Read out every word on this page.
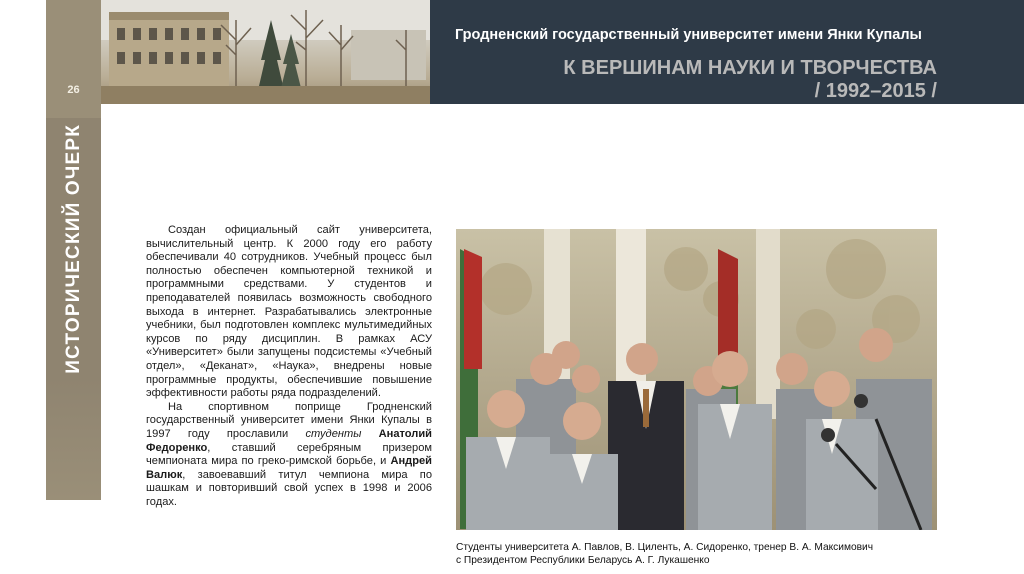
26
ИСТОРИЧЕСКИЙ ОЧЕРК
Гродненский государственный университет имени Янки Купалы
К ВЕРШИНАМ НАУКИ И ТВОРЧЕСТВА
/ 1992–2015 /

Создан официальный сайт университета, вычислительный центр. К 2000 году его работу обеспечивали 40 сотрудников. Учебный процесс был полностью обеспечен компьютерной техникой и программными средствами. У студентов и преподавателей появилась возможность свободного выхода в интернет. Разрабатывались электронные учебники, был подготовлен комплекс мультимедийных курсов по ряду дисциплин. В рамках АСУ «Университет» были запущены подсистемы «Учебный отдел», «Деканат», «Наука», внедрены новые программные продукты, обеспечившие повышение эффективности работы ряда подразделений.

На спортивном поприще Гродненский государственный университет имени Янки Купалы в 1997 году прославили студенты Анатолий Федоренко, ставший серебряным призером чемпионата мира по греко-римской борьбе, и Андрей Валюк, завоевавший титул чемпиона мира по шашкам и повторивший свой успех в 1998 и 2006 годах.

Студенты университета А. Павлов, В. Циленть, А. Сидоренко, тренер В. А. Максимович
с Президентом Республики Беларусь А. Г. Лукашенко
